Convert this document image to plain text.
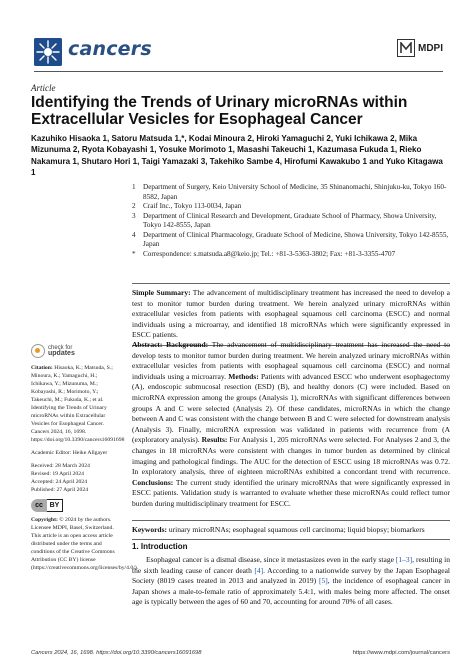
cancers	MDPI
Article
Identifying the Trends of Urinary microRNAs within Extracellular Vesicles for Esophageal Cancer
Kazuhiko Hisaoka 1, Satoru Matsuda 1,*, Kodai Minoura 2, Hiroki Yamaguchi 2, Yuki Ichikawa 2, Mika Mizunuma 2, Ryota Kobayashi 1, Yosuke Morimoto 1, Masashi Takeuchi 1, Kazumasa Fukuda 1, Rieko Nakamura 1, Shutaro Hori 1, Taigi Yamazaki 3, Takehiko Sambe 4, Hirofumi Kawakubo 1 and Yuko Kitagawa 1
1	Department of Surgery, Keio University School of Medicine, 35 Shinanomachi, Shinjuku-ku, Tokyo 160-8582, Japan
2	Craif Inc., Tokyo 113-0034, Japan
3	Department of Clinical Research and Development, Graduate School of Pharmacy, Showa University, Tokyo 142-8555, Japan
4	Department of Clinical Pharmacology, Graduate School of Medicine, Showa University, Tokyo 142-8555, Japan
*	Correspondence: s.matsuda.a8@keio.jp; Tel.: +81-3-5363-3802; Fax: +81-3-3355-4707
Simple Summary: The advancement of multidisciplinary treatment has increased the need to develop a test to monitor tumor burden during treatment. We herein analyzed urinary microRNAs within extracellular vesicles from patients with esophageal squamous cell carcinoma (ESCC) and normal individuals using a microarray, and identified 18 microRNAs which were significantly expressed in ESCC patients.
Abstract: Background: The advancement of multidisciplinary treatment has increased the need to develop tests to monitor tumor burden during treatment. We herein analyzed urinary microRNAs within extracellular vesicles from patients with esophageal squamous cell carcinoma (ESCC) and normal individuals using a microarray. Methods: Patients with advanced ESCC who underwent esophagectomy (A), endoscopic submucosal resection (ESD) (B), and healthy donors (C) were included. Based on microRNA expression among the groups (Analysis 1), microRNAs with significant differences between groups A and C were selected (Analysis 2). Of these candidates, microRNAs in which the change between A and C was consistent with the change between B and C were selected for downstream analysis (Analysis 3). Finally, microRNA expression was validated in patients with recurrence from (A (exploratory analysis). Results: For Analysis 1, 205 microRNAs were selected. For Analyses 2 and 3, the changes in 18 microRNAs were consistent with changes in tumor burden as determined by clinical imaging and pathological findings. The AUC for the detection of ESCC using 18 microRNAs was 0.72. In exploratory analysis, three of eighteen microRNAs exhibited a concordant trend with recurrence. Conclusions: The current study identified the urinary microRNAs that were significantly expressed in ESCC patients. Validation study is warranted to evaluate whether these microRNAs could reflect tumor burden during multidisciplinary treatment for ESCC.
Keywords: urinary microRNAs; esophageal squamous cell carcinoma; liquid biopsy; biomarkers
1. Introduction
Esophageal cancer is a dismal disease, since it metastasizes even in the early stage [1–3], resulting in the sixth leading cause of cancer death [4]. According to a nationwide survey by the Japan Esophageal Society (8019 cases treated in 2013 and analyzed in 2019) [5], the incidence of esophageal cancer in Japan shows a male-to-female ratio of approximately 5.4:1, with males being more affected. The onset age is typically between the ages of 60 and 70, accounting for around 70% of all cases.
check for
updates
Citation: Hisaoka, K.; Matsuda, S.; Minoura, K.; Yamaguchi, H.; Ichikawa, Y.; Mizunuma, M.; Kobayashi, R.; Morimoto, Y.; Takeuchi, M.; Fukuda, K.; et al. Identifying the Trends of Urinary microRNAs within Extracellular Vesicles for Esophageal Cancer. Cancers 2024, 16, 1698. https://doi.org/10.3390/cancers16091698
Academic Editor: Heike Allgayer
Received: 28 March 2024
Revised: 19 April 2024
Accepted: 24 April 2024
Published: 27 April 2024
cc BY
Copyright: © 2024 by the authors. Licensee MDPI, Basel, Switzerland. This article is an open access article distributed under the terms and conditions of the Creative Commons Attribution (CC BY) license (https://creativecommons.org/licenses/by/4.0/).
Cancers 2024, 16, 1698. https://doi.org/10.3390/cancers16091698	https://www.mdpi.com/journal/cancers
